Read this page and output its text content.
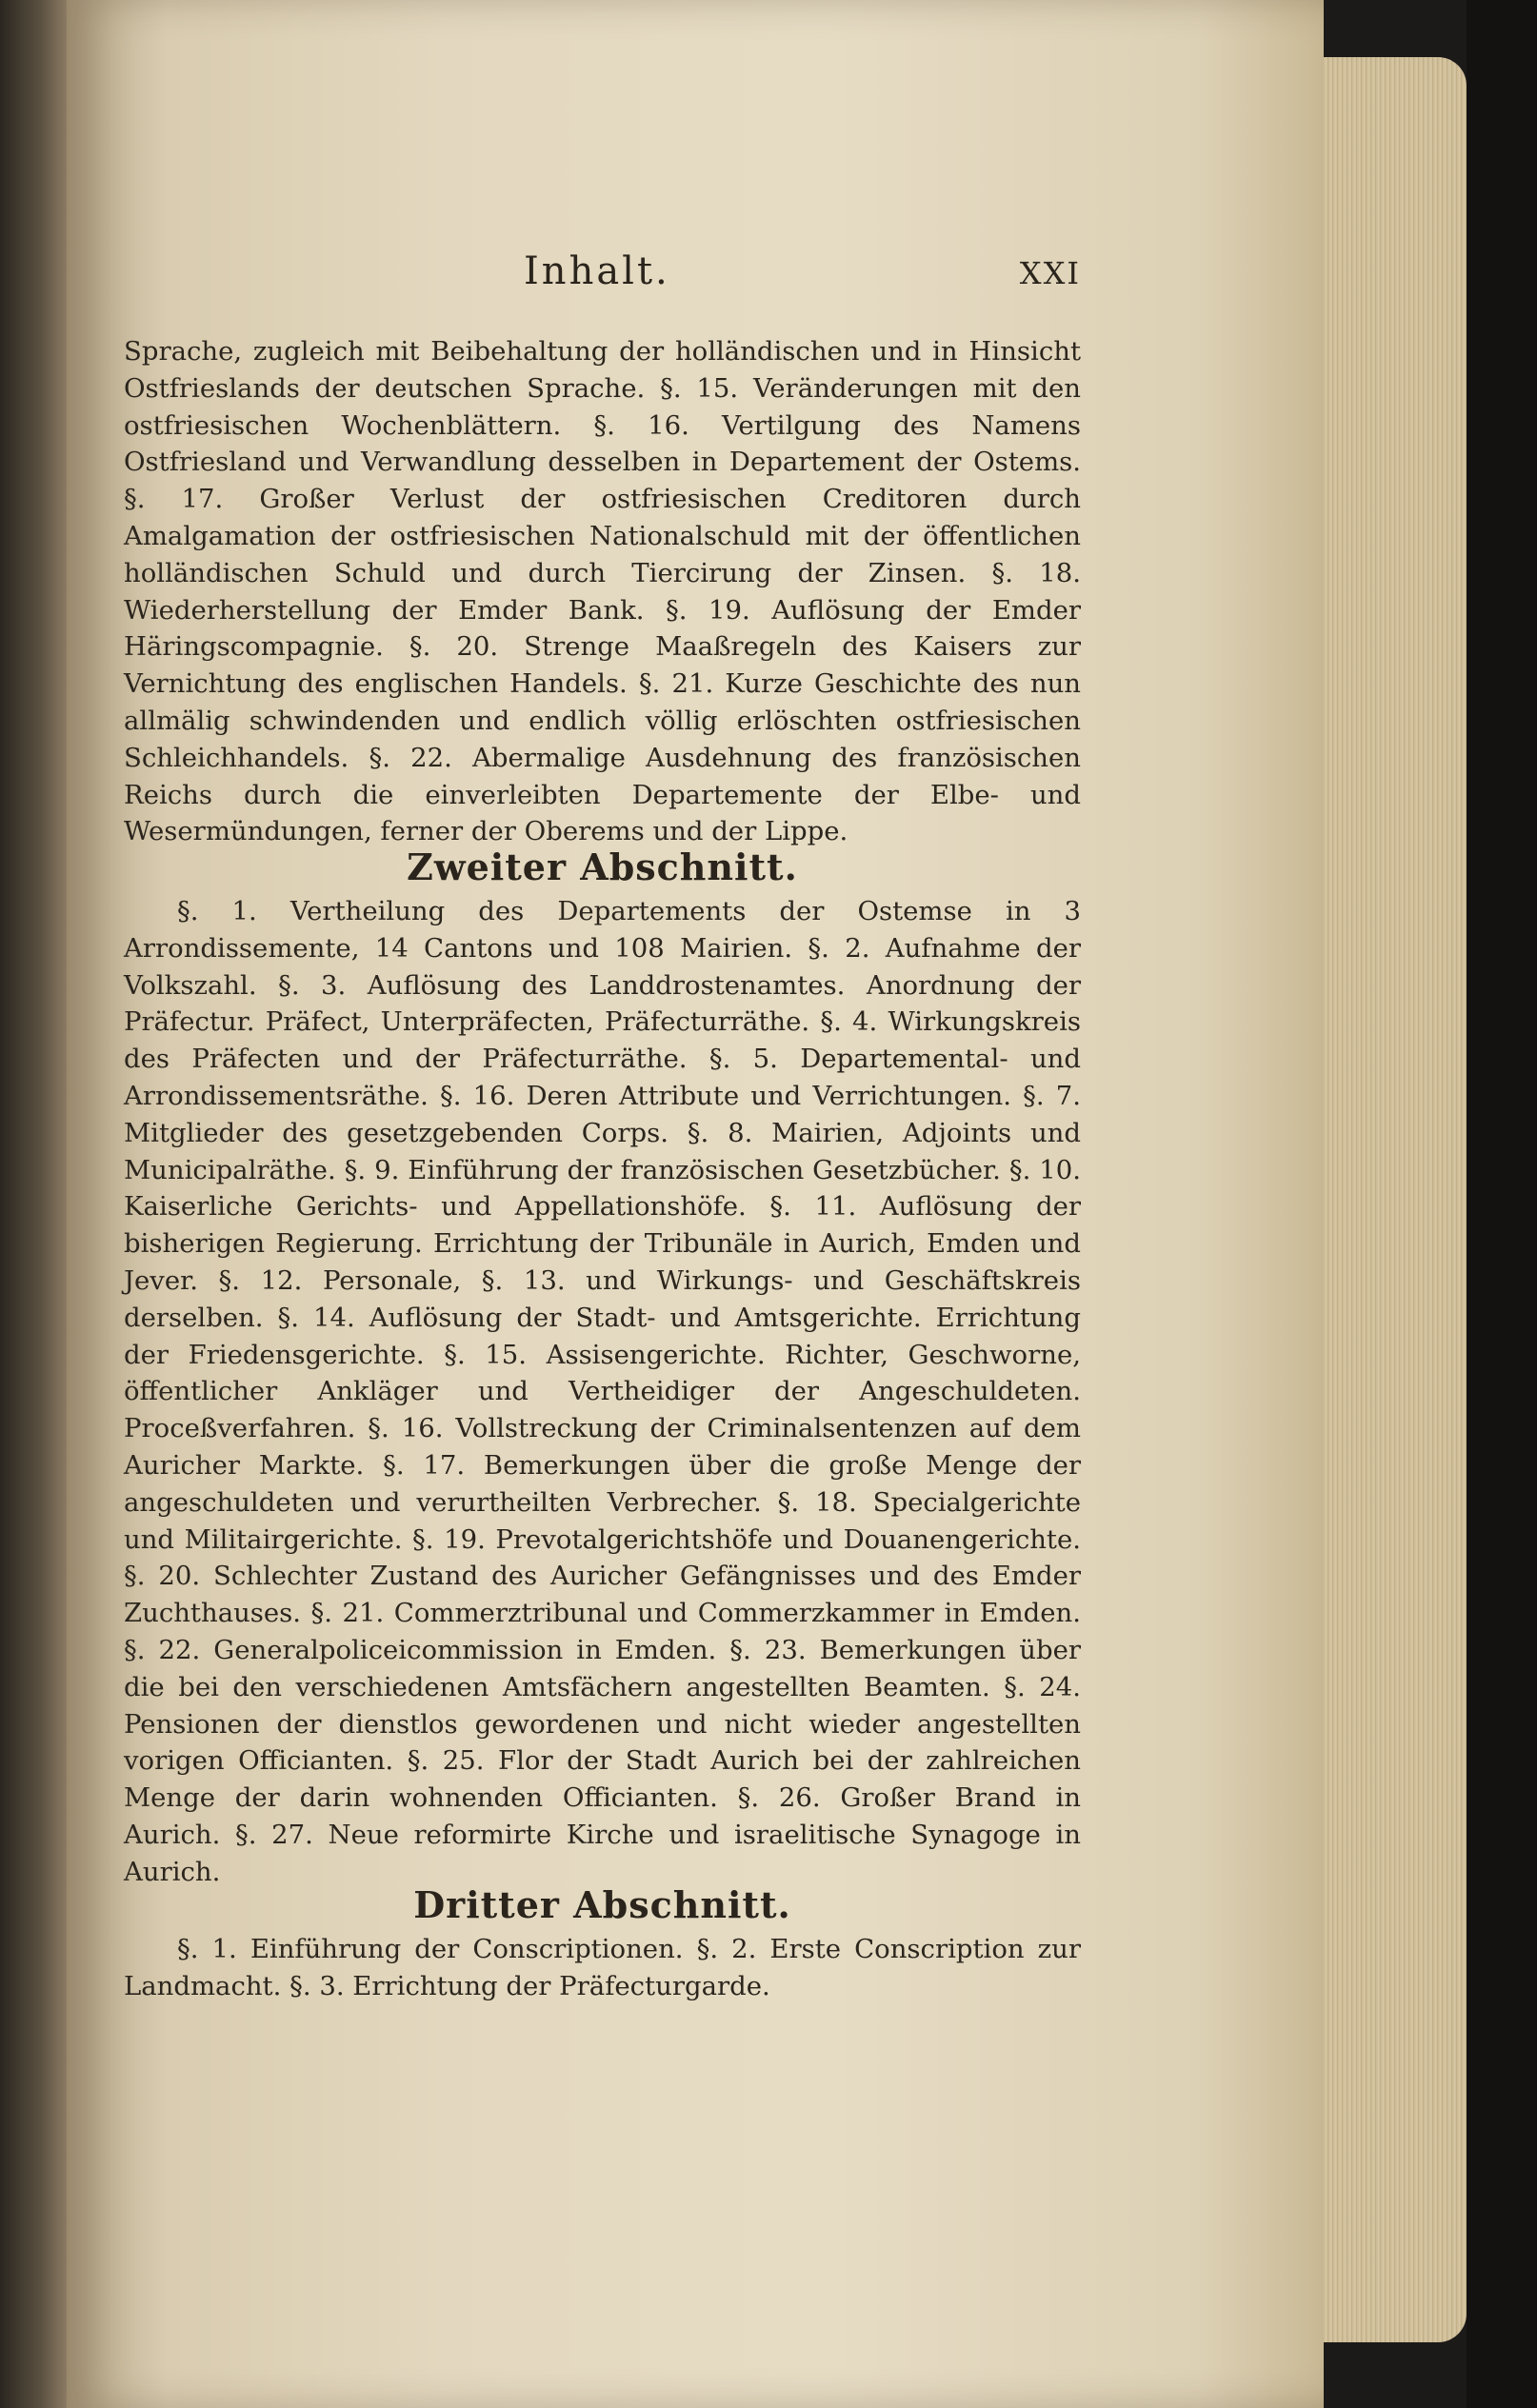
Inhalt.	XXI
Sprache, zugleich mit Beibehaltung der holländischen und in Hinsicht Ostfrieslands der deutschen Sprache. §. 15. Veränderungen mit den ostfriesischen Wochenblättern. §. 16. Vertilgung des Namens Ostfriesland und Verwandlung desselben in Departement der Ostems. §. 17. Großer Verlust der ostfriesischen Creditoren durch Amalgamation der ostfriesischen Nationalschuld mit der öffentlichen holländischen Schuld und durch Tiercirung der Zinsen. §. 18. Wiederherstellung der Emder Bank. §. 19. Auflösung der Emder Häringscompagnie. §. 20. Strenge Maaßregeln des Kaisers zur Vernichtung des englischen Handels. §. 21. Kurze Geschichte des nun allmälig schwindenden und endlich völlig erlöschten ostfriesischen Schleichhandels. §. 22. Abermalige Ausdehnung des französischen Reichs durch die einverleibten Departemente der Elbe- und Wesermündungen, ferner der Oberems und der Lippe.
Zweiter Abschnitt.
§. 1. Vertheilung des Departements der Ostemse in 3 Arrondissemente, 14 Cantons und 108 Mairien. §. 2. Aufnahme der Volkszahl. §. 3. Auflösung des Landdrostenamtes. Anordnung der Präfectur. Präfect, Unterpräfecten, Präfecturräthe. §. 4. Wirkungskreis des Präfecten und der Präfecturräthe. §. 5. Departemental- und Arrondissementsräthe. §. 16. Deren Attribute und Verrichtungen. §. 7. Mitglieder des gesetzgebenden Corps. §. 8. Mairien, Adjoints und Municipalräthe. §. 9. Einführung der französischen Gesetzbücher. §. 10. Kaiserliche Gerichts- und Appellationshöfe. §. 11. Auflösung der bisherigen Regierung. Errichtung der Tribunäle in Aurich, Emden und Jever. §. 12. Personale, §. 13. und Wirkungs- und Geschäftskreis derselben. §. 14. Auflösung der Stadt- und Amtsgerichte. Errichtung der Friedensgerichte. §. 15. Assisengerichte. Richter, Geschworne, öffentlicher Ankläger und Vertheidiger der Angeschuldeten. Proceßverfahren. §. 16. Vollstreckung der Criminalsentenzen auf dem Auricher Markte. §. 17. Bemerkungen über die große Menge der angeschuldeten und verurtheilten Verbrecher. §. 18. Specialgerichte und Militairgerichte. §. 19. Prevotalgerichtshöfe und Douanengerichte. §. 20. Schlechter Zustand des Auricher Gefängnisses und des Emder Zuchthauses. §. 21. Commerztribunal und Commerzkammer in Emden. §. 22. Generalpoliceicommission in Emden. §. 23. Bemerkungen über die bei den verschiedenen Amtsfächern angestellten Beamten. §. 24. Pensionen der dienstlos gewordenen und nicht wieder angestellten vorigen Officianten. §. 25. Flor der Stadt Aurich bei der zahlreichen Menge der darin wohnenden Officianten. §. 26. Großer Brand in Aurich. §. 27. Neue reformirte Kirche und israelitische Synagoge in Aurich.
Dritter Abschnitt.
§. 1. Einführung der Conscriptionen. §. 2. Erste Conscription zur Landmacht. §. 3. Errichtung der Präfecturgarde.
